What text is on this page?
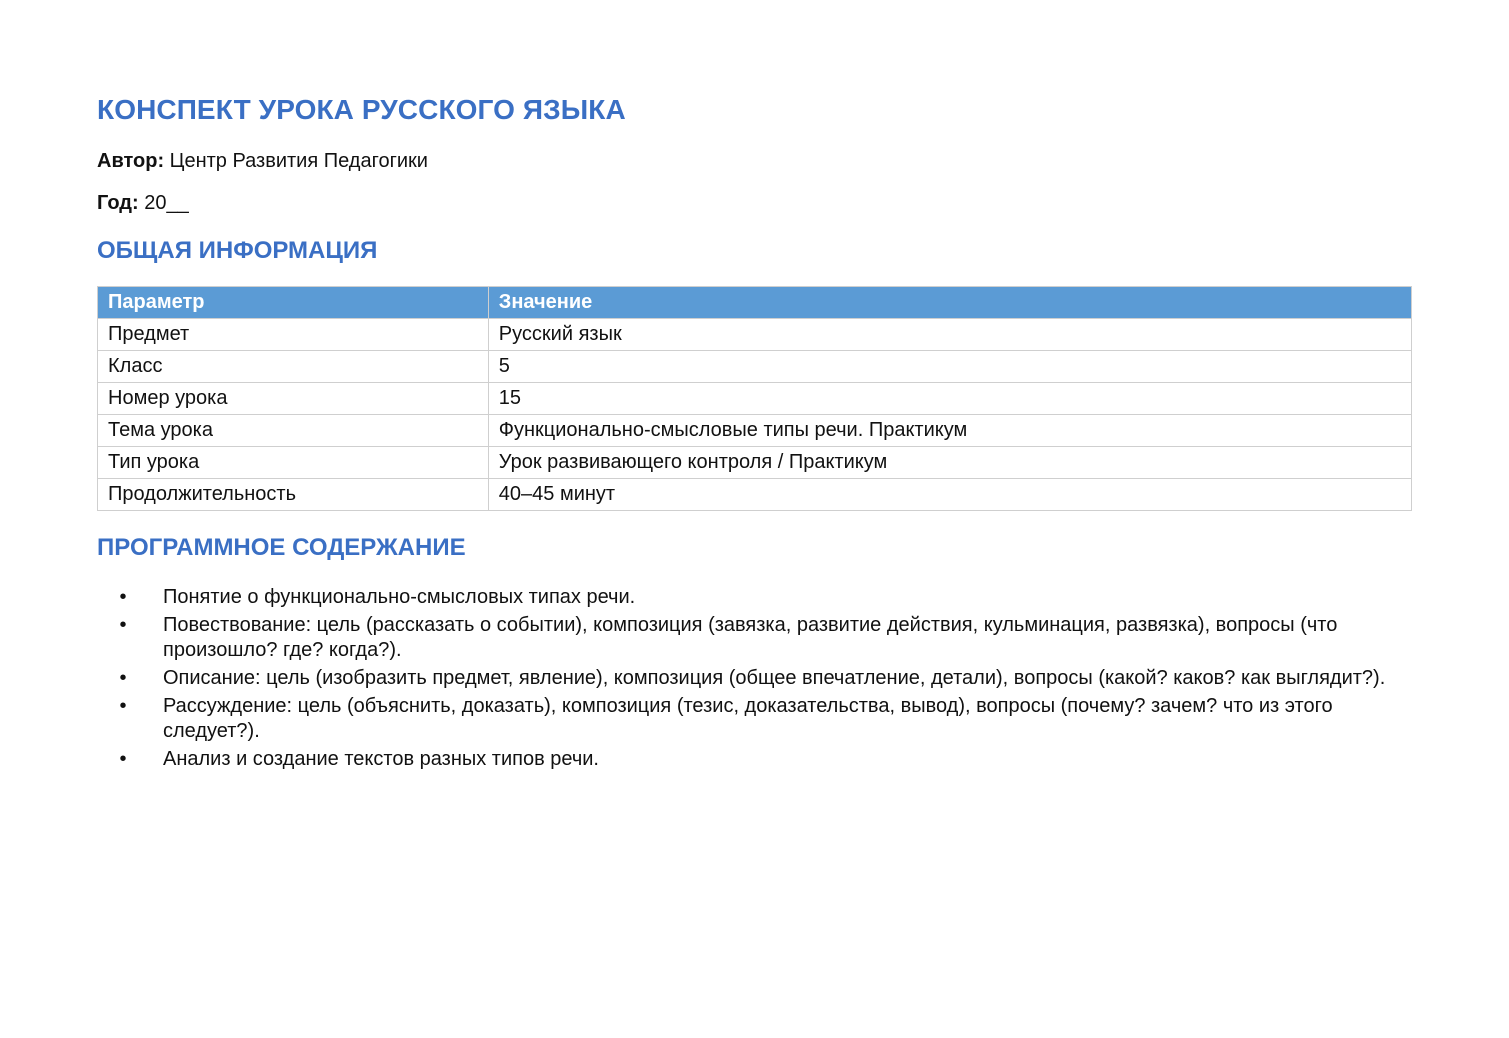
КОНСПЕКТ УРОКА РУССКОГО ЯЗЫКА

Автор: Центр Развития Педагогики

Год: 20__

ОБЩАЯ ИНФОРМАЦИЯ
Параметр	Значение
Предмет	Русский язык
Класс	5
Номер урока	15
Тема урока	Функционально-смысловые типы речи. Практикум
Тип урока	Урок развивающего контроля / Практикум
Продолжительность	40–45 минут
ПРОГРАММНОЕ СОДЕРЖАНИЕ
• Понятие о функционально-смысловых типах речи.
• Повествование: цель (рассказать о событии), композиция (завязка, развитие действия, кульминация, развязка), вопросы (что произошло? где? когда?).
• Описание: цель (изобразить предмет, явление), композиция (общее впечатление, детали), вопросы (какой? каков? как выглядит?).
• Рассуждение: цель (объяснить, доказать), композиция (тезис, доказательства, вывод), вопросы (почему? зачем? что из этого следует?).
• Анализ и создание текстов разных типов речи.
